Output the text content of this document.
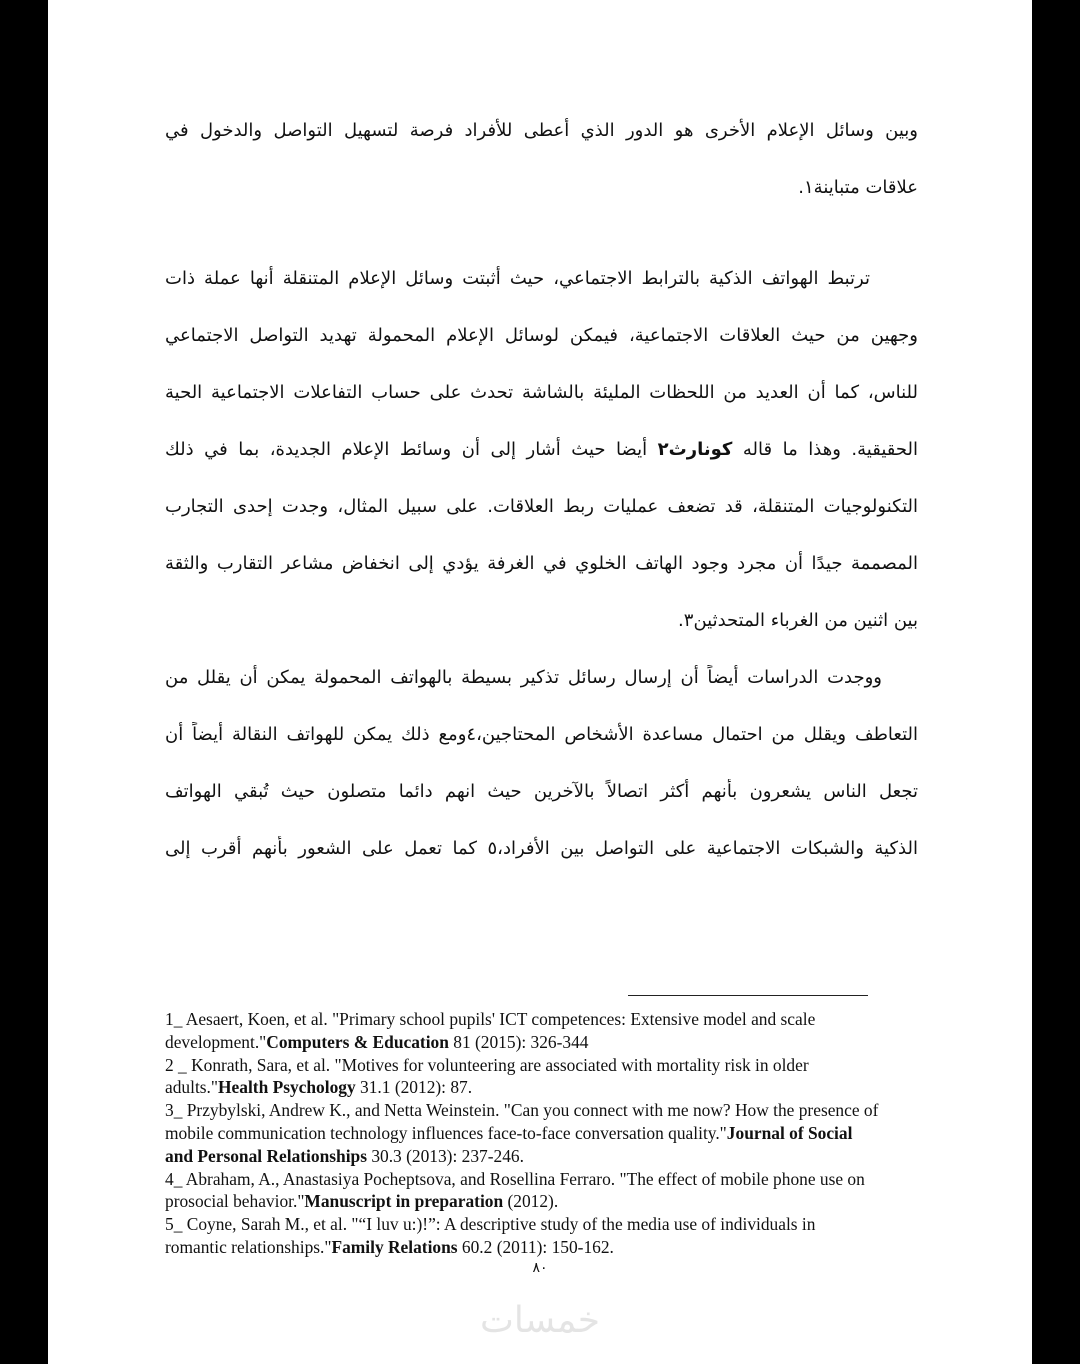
وبين وسائل الإعلام الأخرى هو الدور الذي أعطى للأفراد فرصة لتسهيل التواصل والدخول في
علاقات متباينة١.
ترتبط الهواتف الذكية بالترابط الاجتماعي، حيث أثبتت وسائل الإعلام المتنقلة أنها عملة ذات
وجهين من حيث العلاقات الاجتماعية، فيمكن لوسائل الإعلام المحمولة تهديد التواصل الاجتماعي
للناس، كما أن العديد من اللحظات المليئة بالشاشة تحدث على حساب التفاعلات الاجتماعية الحية
الحقيقية. وهذا ما قاله كونارث٢ أيضا حيث أشار إلى أن وسائط الإعلام الجديدة، بما في ذلك
التكنولوجيات المتنقلة، قد تضعف عمليات ربط العلاقات. على سبيل المثال، وجدت إحدى التجارب
المصممة جيدًا أن مجرد وجود الهاتف الخلوي في الغرفة يؤدي إلى انخفاض مشاعر التقارب والثقة
بين اثنين من الغرباء المتحدثين٣.
ووجدت الدراسات أيضاً أن إرسال رسائل تذكير بسيطة بالهواتف المحمولة يمكن أن يقلل من
التعاطف ويقلل من احتمال مساعدة الأشخاص المحتاجين،٤ومع ذلك يمكن للهواتف النقالة أيضاً أن
تجعل الناس يشعرون بأنهم أكثر اتصالاً بالآخرين حيث انهم دائما متصلون حيث تُبقي الهواتف
الذكية والشبكات الاجتماعية على التواصل بين الأفراد،٥ كما تعمل على الشعور بأنهم أقرب إلى

1_ Aesaert, Koen, et al. "Primary school pupils' ICT competences: Extensive model and scale development."Computers & Education 81 (2015): 326-344

2 _ Konrath, Sara, et al. "Motives for volunteering are associated with mortality risk in older adults."Health Psychology 31.1 (2012): 87.

3_ Przybylski, Andrew K., and Netta Weinstein. "Can you connect with me now? How the presence of mobile communication technology influences face-to-face conversation quality."Journal of Social and Personal Relationships 30.3 (2013): 237-246.

4_ Abraham, A., Anastasiya Pocheptsova, and Rosellina Ferraro. "The effect of mobile phone use on prosocial behavior."Manuscript in preparation (2012).

5_ Coyne, Sarah M., et al. "“I luv u:)!”: A descriptive study of the media use of individuals in romantic relationships."Family Relations 60.2 (2011): 150-162.

٨٠
خمسات
